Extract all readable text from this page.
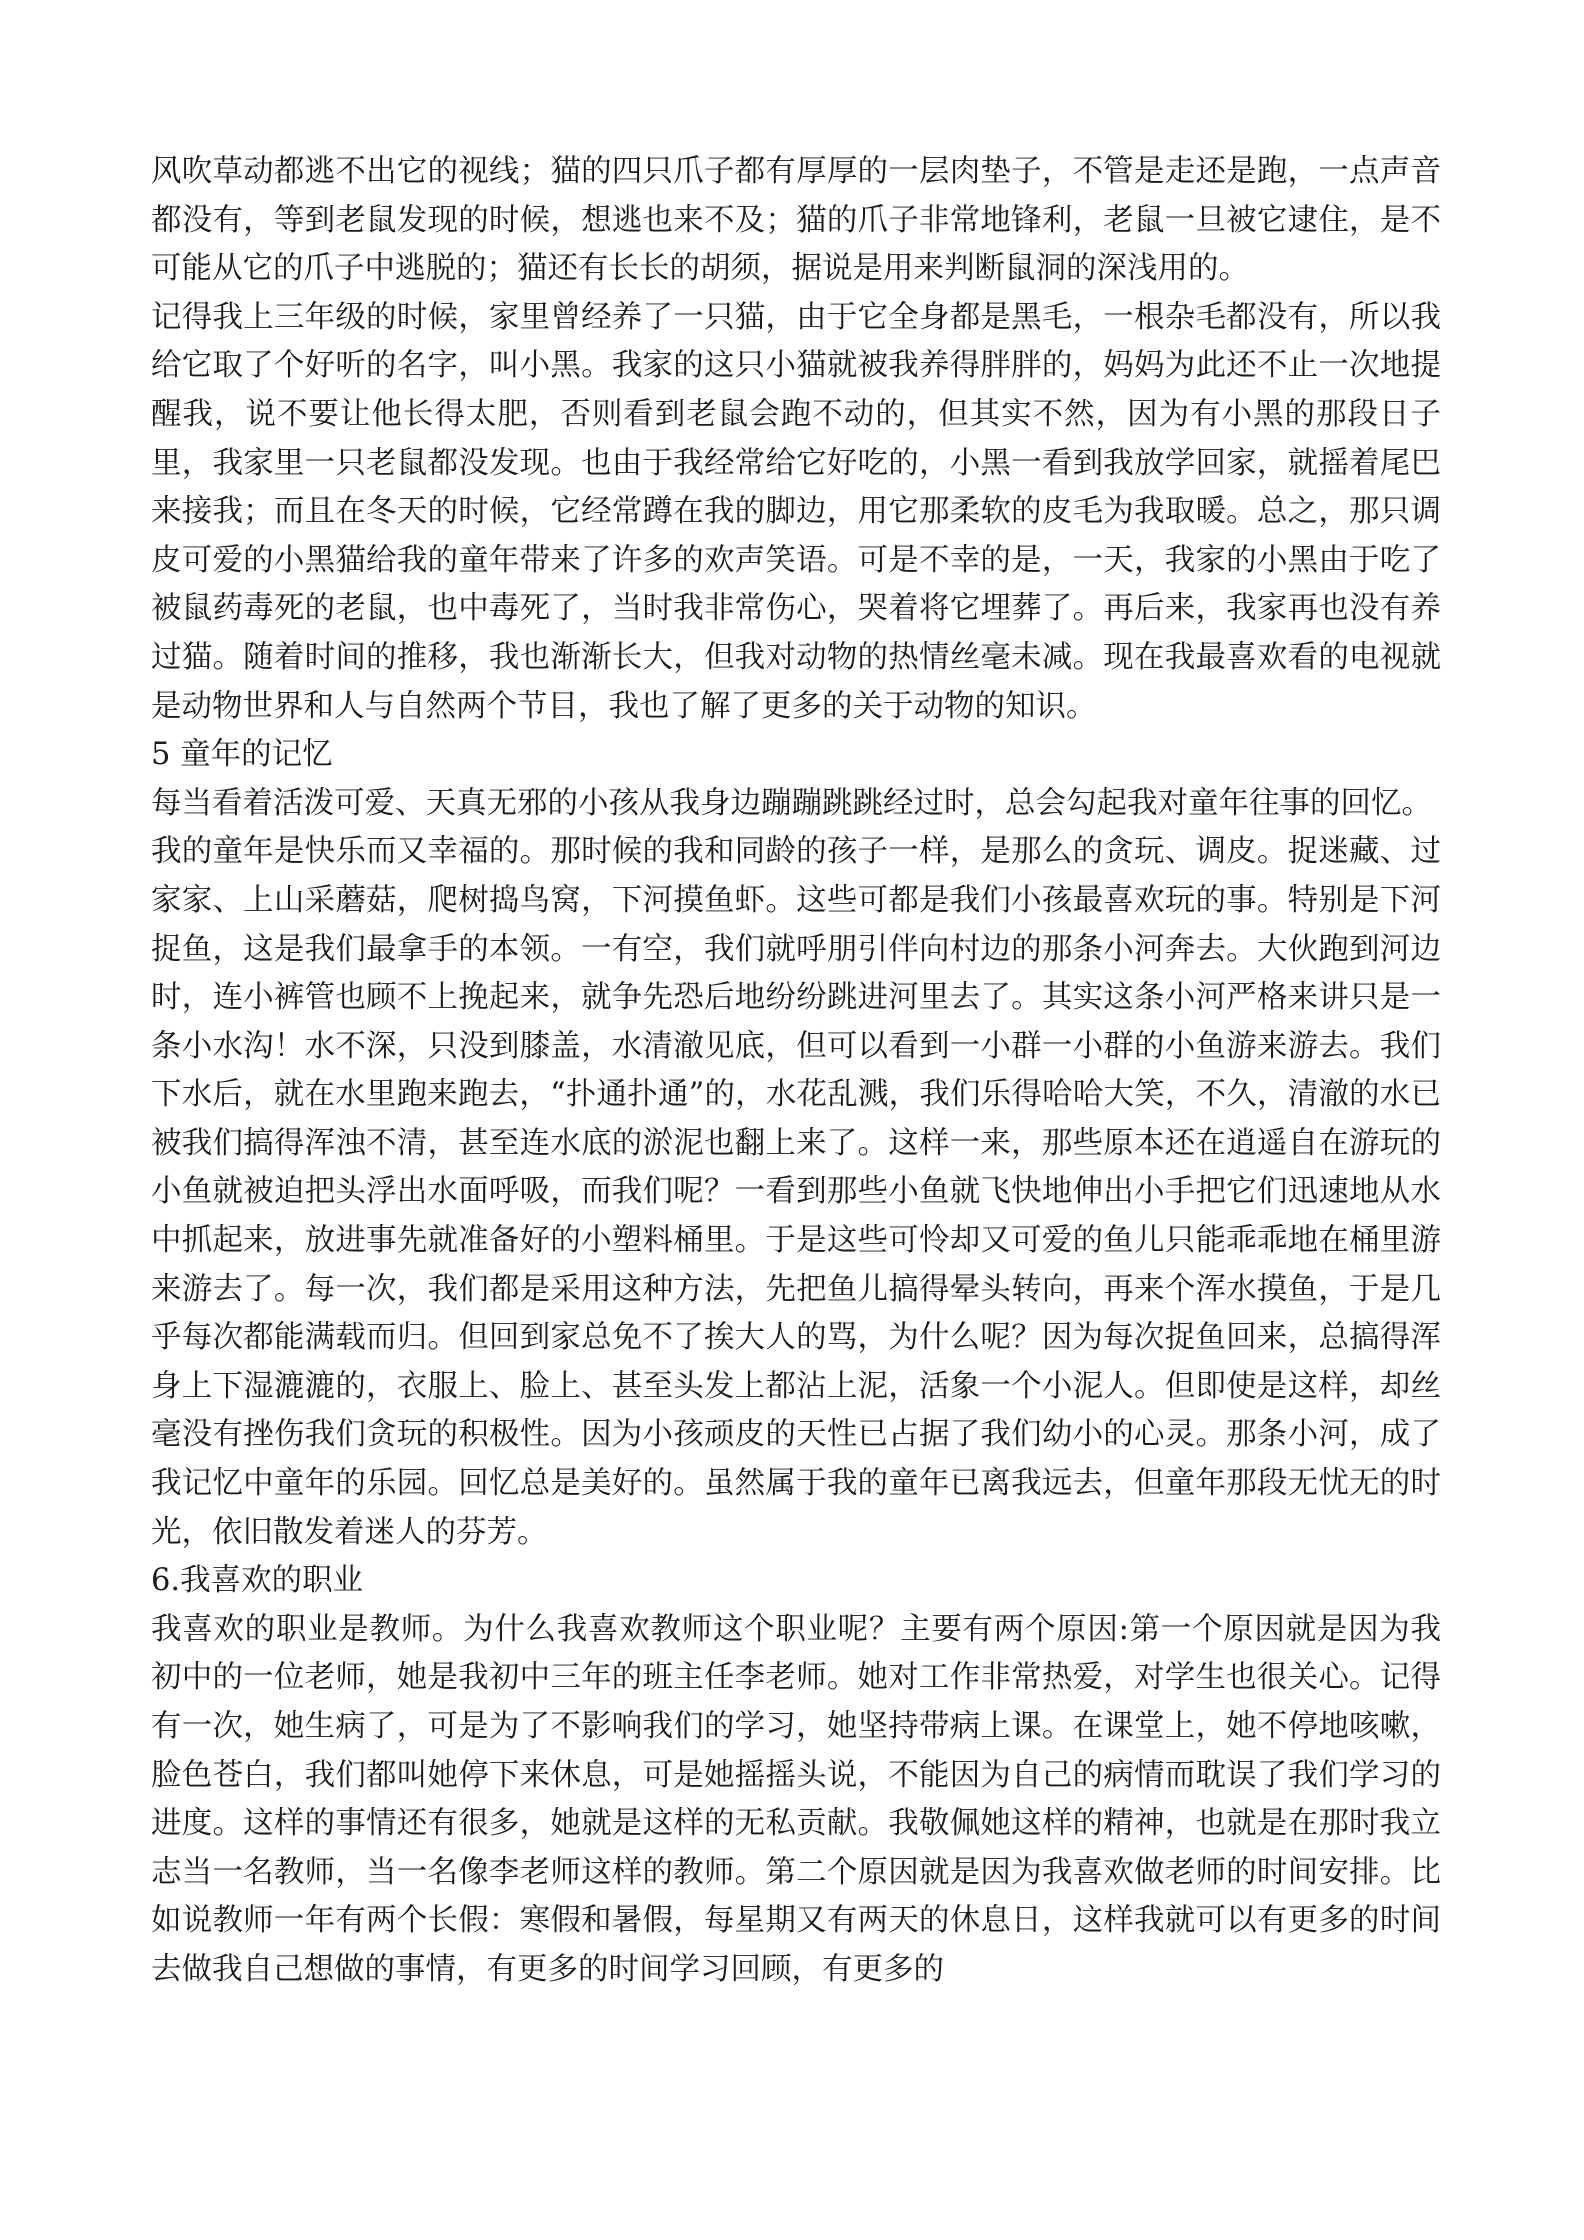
风吹草动都逃不出它的视线；猫的四只爪子都有厚厚的一层肉垫子，不管是走还是跑，一点声音都没有，等到老鼠发现的时候，想逃也来不及；猫的爪子非常地锋利，老鼠一旦被它逮住，是不可能从它的爪子中逃脱的；猫还有长长的胡须，据说是用来判断鼠洞的深浅用的。

记得我上三年级的时候，家里曾经养了一只猫，由于它全身都是黑毛，一根杂毛都没有，所以我给它取了个好听的名字，叫小黑。我家的这只小猫就被我养得胖胖的，妈妈为此还不止一次地提醒我，说不要让他长得太肥，否则看到老鼠会跑不动的，但其实不然，因为有小黑的那段日子里，我家里一只老鼠都没发现。也由于我经常给它好吃的，小黑一看到我放学回家，就摇着尾巴来接我；而且在冬天的时候，它经常蹲在我的脚边，用它那柔软的皮毛为我取暖。总之，那只调皮可爱的小黑猫给我的童年带来了许多的欢声笑语。可是不幸的是，一天，我家的小黑由于吃了被鼠药毒死的老鼠，也中毒死了，当时我非常伤心，哭着将它埋葬了。再后来，我家再也没有养过猫。随着时间的推移，我也渐渐长大，但我对动物的热情丝毫未减。现在我最喜欢看的电视就是动物世界和人与自然两个节目，我也了解了更多的关于动物的知识。

5 童年的记忆

每当看着活泼可爱、天真无邪的小孩从我身边蹦蹦跳跳经过时，总会勾起我对童年往事的回忆。

我的童年是快乐而又幸福的。那时候的我和同龄的孩子一样，是那么的贪玩、调皮。捉迷藏、过家家、上山采蘑菇，爬树捣鸟窝，下河摸鱼虾。这些可都是我们小孩最喜欢玩的事。特别是下河捉鱼，这是我们最拿手的本领。一有空，我们就呼朋引伴向村边的那条小河奔去。大伙跑到河边时，连小裤管也顾不上挽起来，就争先恐后地纷纷跳进河里去了。其实这条小河严格来讲只是一条小水沟！水不深，只没到膝盖，水清澈见底，但可以看到一小群一小群的小鱼游来游去。我们下水后，就在水里跑来跑去，“扑通扑通”的，水花乱溅，我们乐得哈哈大笑，不久，清澈的水已被我们搞得浑浊不清，甚至连水底的淤泥也翻上来了。这样一来，那些原本还在逍遥自在游玩的小鱼就被迫把头浮出水面呼吸，而我们呢？一看到那些小鱼就飞快地伸出小手把它们迅速地从水中抓起来，放进事先就准备好的小塑料桶里。于是这些可怜却又可爱的鱼儿只能乖乖地在桶里游来游去了。每一次，我们都是采用这种方法，先把鱼儿搞得晕头转向，再来个浑水摸鱼，于是几乎每次都能满载而归。但回到家总免不了挨大人的骂，为什么呢？因为每次捉鱼回来，总搞得浑身上下湿漉漉的，衣服上、脸上、甚至头发上都沾上泥，活象一个小泥人。但即使是这样，却丝毫没有挫伤我们贪玩的积极性。因为小孩顽皮的天性已占据了我们幼小的心灵。那条小河，成了我记忆中童年的乐园。回忆总是美好的。虽然属于我的童年已离我远去，但童年那段无忧无的时光，依旧散发着迷人的芬芳。

6.我喜欢的职业

我喜欢的职业是教师。为什么我喜欢教师这个职业呢？主要有两个原因:第一个原因就是因为我初中的一位老师，她是我初中三年的班主任李老师。她对工作非常热爱，对学生也很关心。记得有一次，她生病了，可是为了不影响我们的学习，她坚持带病上课。在课堂上，她不停地咳嗽，脸色苍白，我们都叫她停下来休息，可是她摇摇头说，不能因为自己的病情而耽误了我们学习的进度。这样的事情还有很多，她就是这样的无私贡献。我敬佩她这样的精神，也就是在那时我立志当一名教师，当一名像李老师这样的教师。第二个原因就是因为我喜欢做老师的时间安排。比如说教师一年有两个长假：寒假和暑假，每星期又有两天的休息日，这样我就可以有更多的时间去做我自己想做的事情，有更多的时间学习回顾，有更多的
